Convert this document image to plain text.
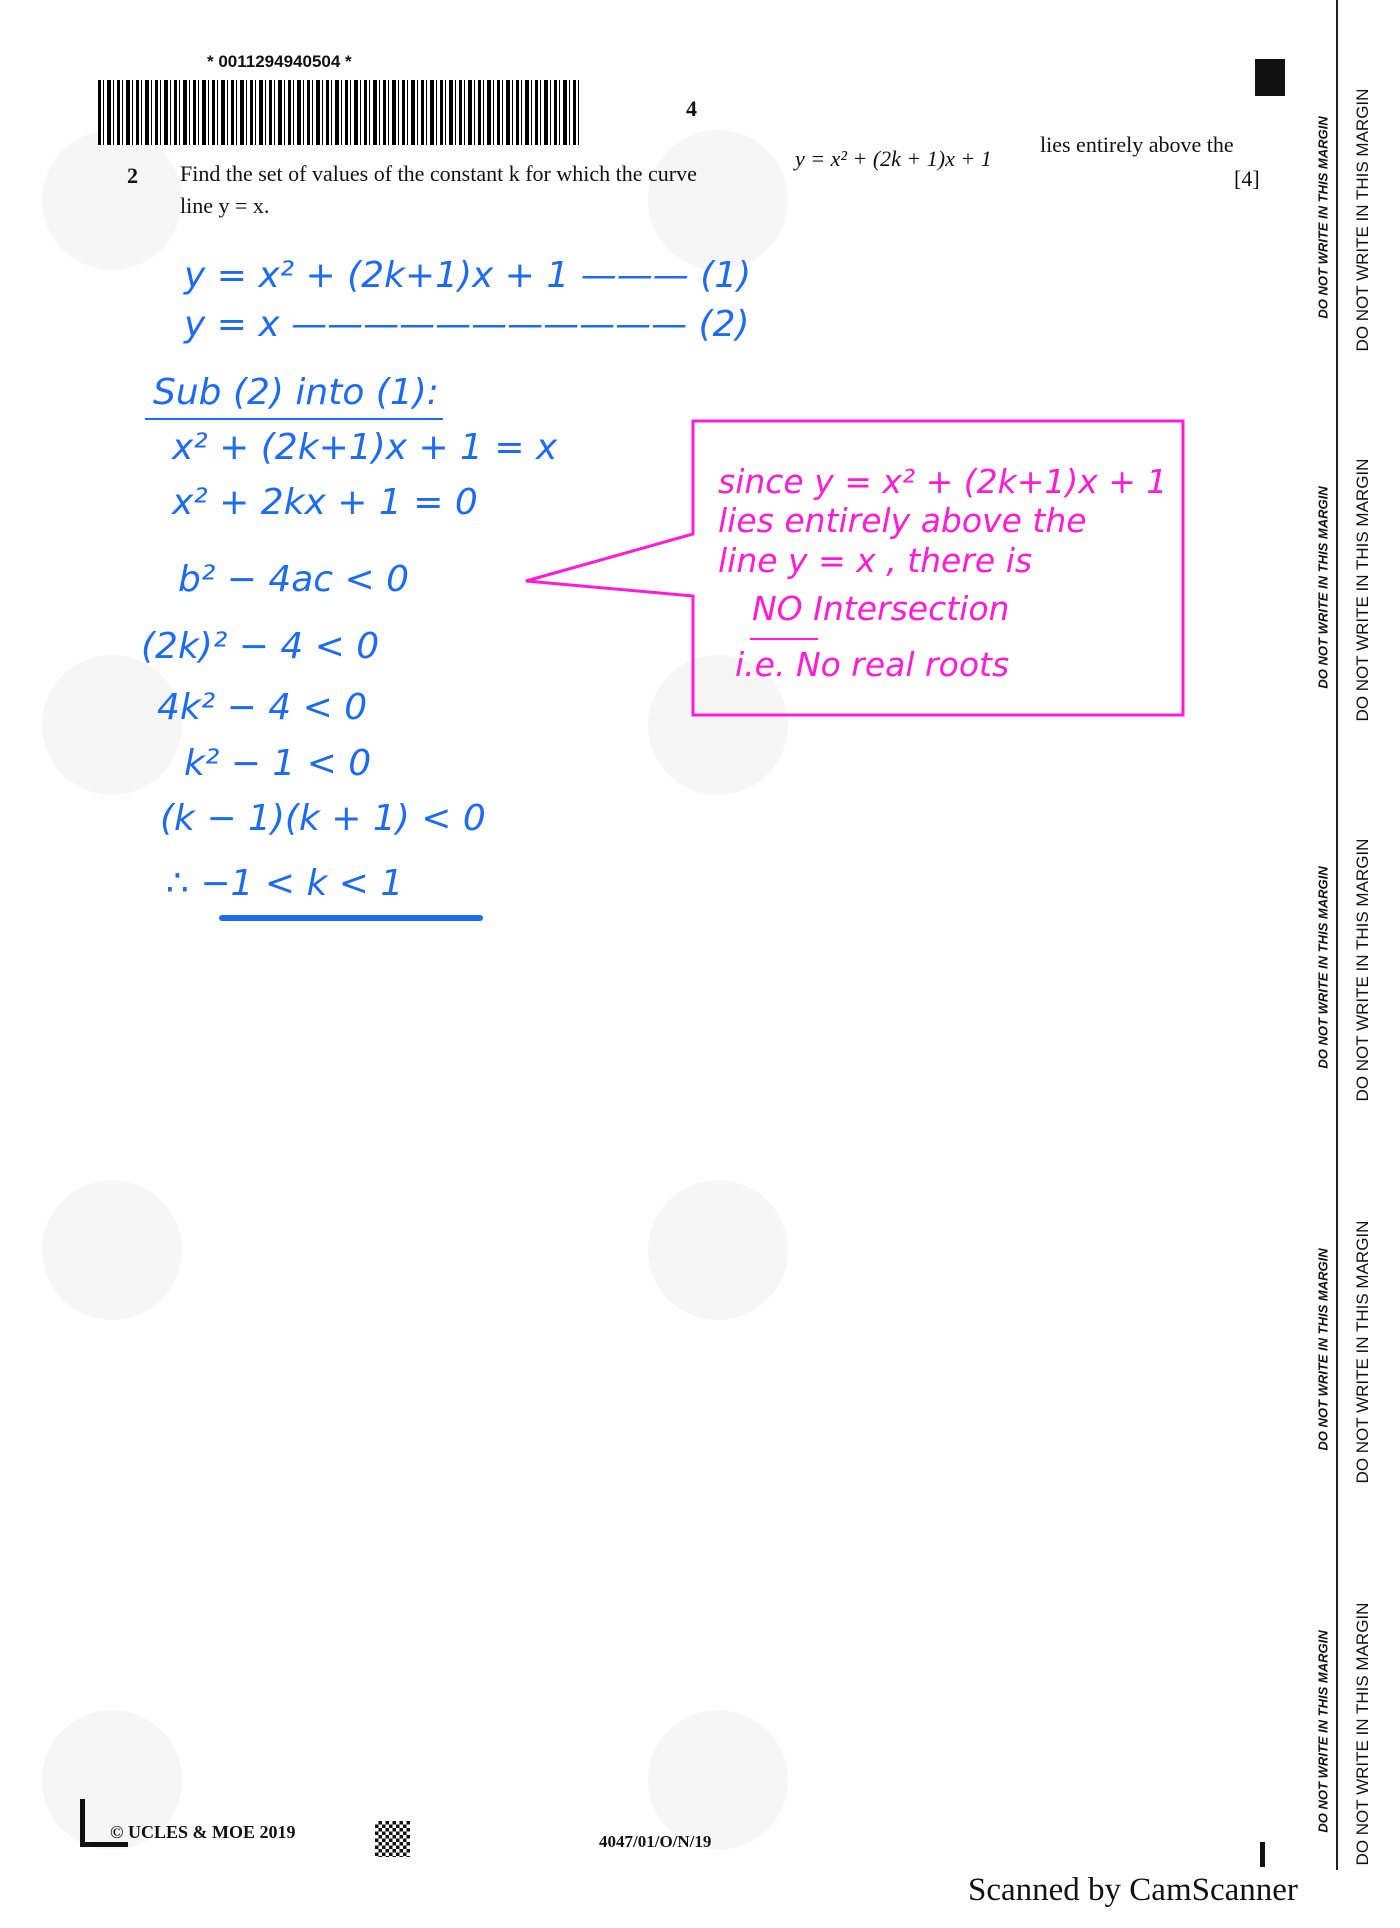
* 0011294940504 *
4
2 Find the set of values of the constant k for which the curve
y = x² + (2k + 1)x + 1
lies entirely above the
[4]
line y = x.
y = x² + (2k+1)x + 1 ——— (1)
y = x ——————————— (2)
Sub (2) into (1):
x² + (2k+1)x + 1 = x
x² + 2kx + 1 = 0
b² − 4ac < 0
(2k)² − 4 < 0
4k² − 4 < 0
k² − 1 < 0
(k − 1)(k + 1) < 0
∴ −1 < k < 1
since y = x² + (2k+1)x + 1
lies entirely above the
line y = x , there is
NO Intersection
i.e. No real roots
DO NOT WRITE IN THIS MARGIN
DO NOT WRITE IN THIS MARGIN
DO NOT WRITE IN THIS MARGIN
DO NOT WRITE IN THIS MARGIN
DO NOT WRITE IN THIS MARGIN
DO NOT WRITE IN THIS MARGIN
DO NOT WRITE IN THIS MARGIN
DO NOT WRITE IN THIS MARGIN
DO NOT WRITE IN THIS MARGIN
DO NOT WRITE IN THIS MARGIN
© UCLES & MOE 2019	4047/01/O/N/19
Scanned by CamScanner
